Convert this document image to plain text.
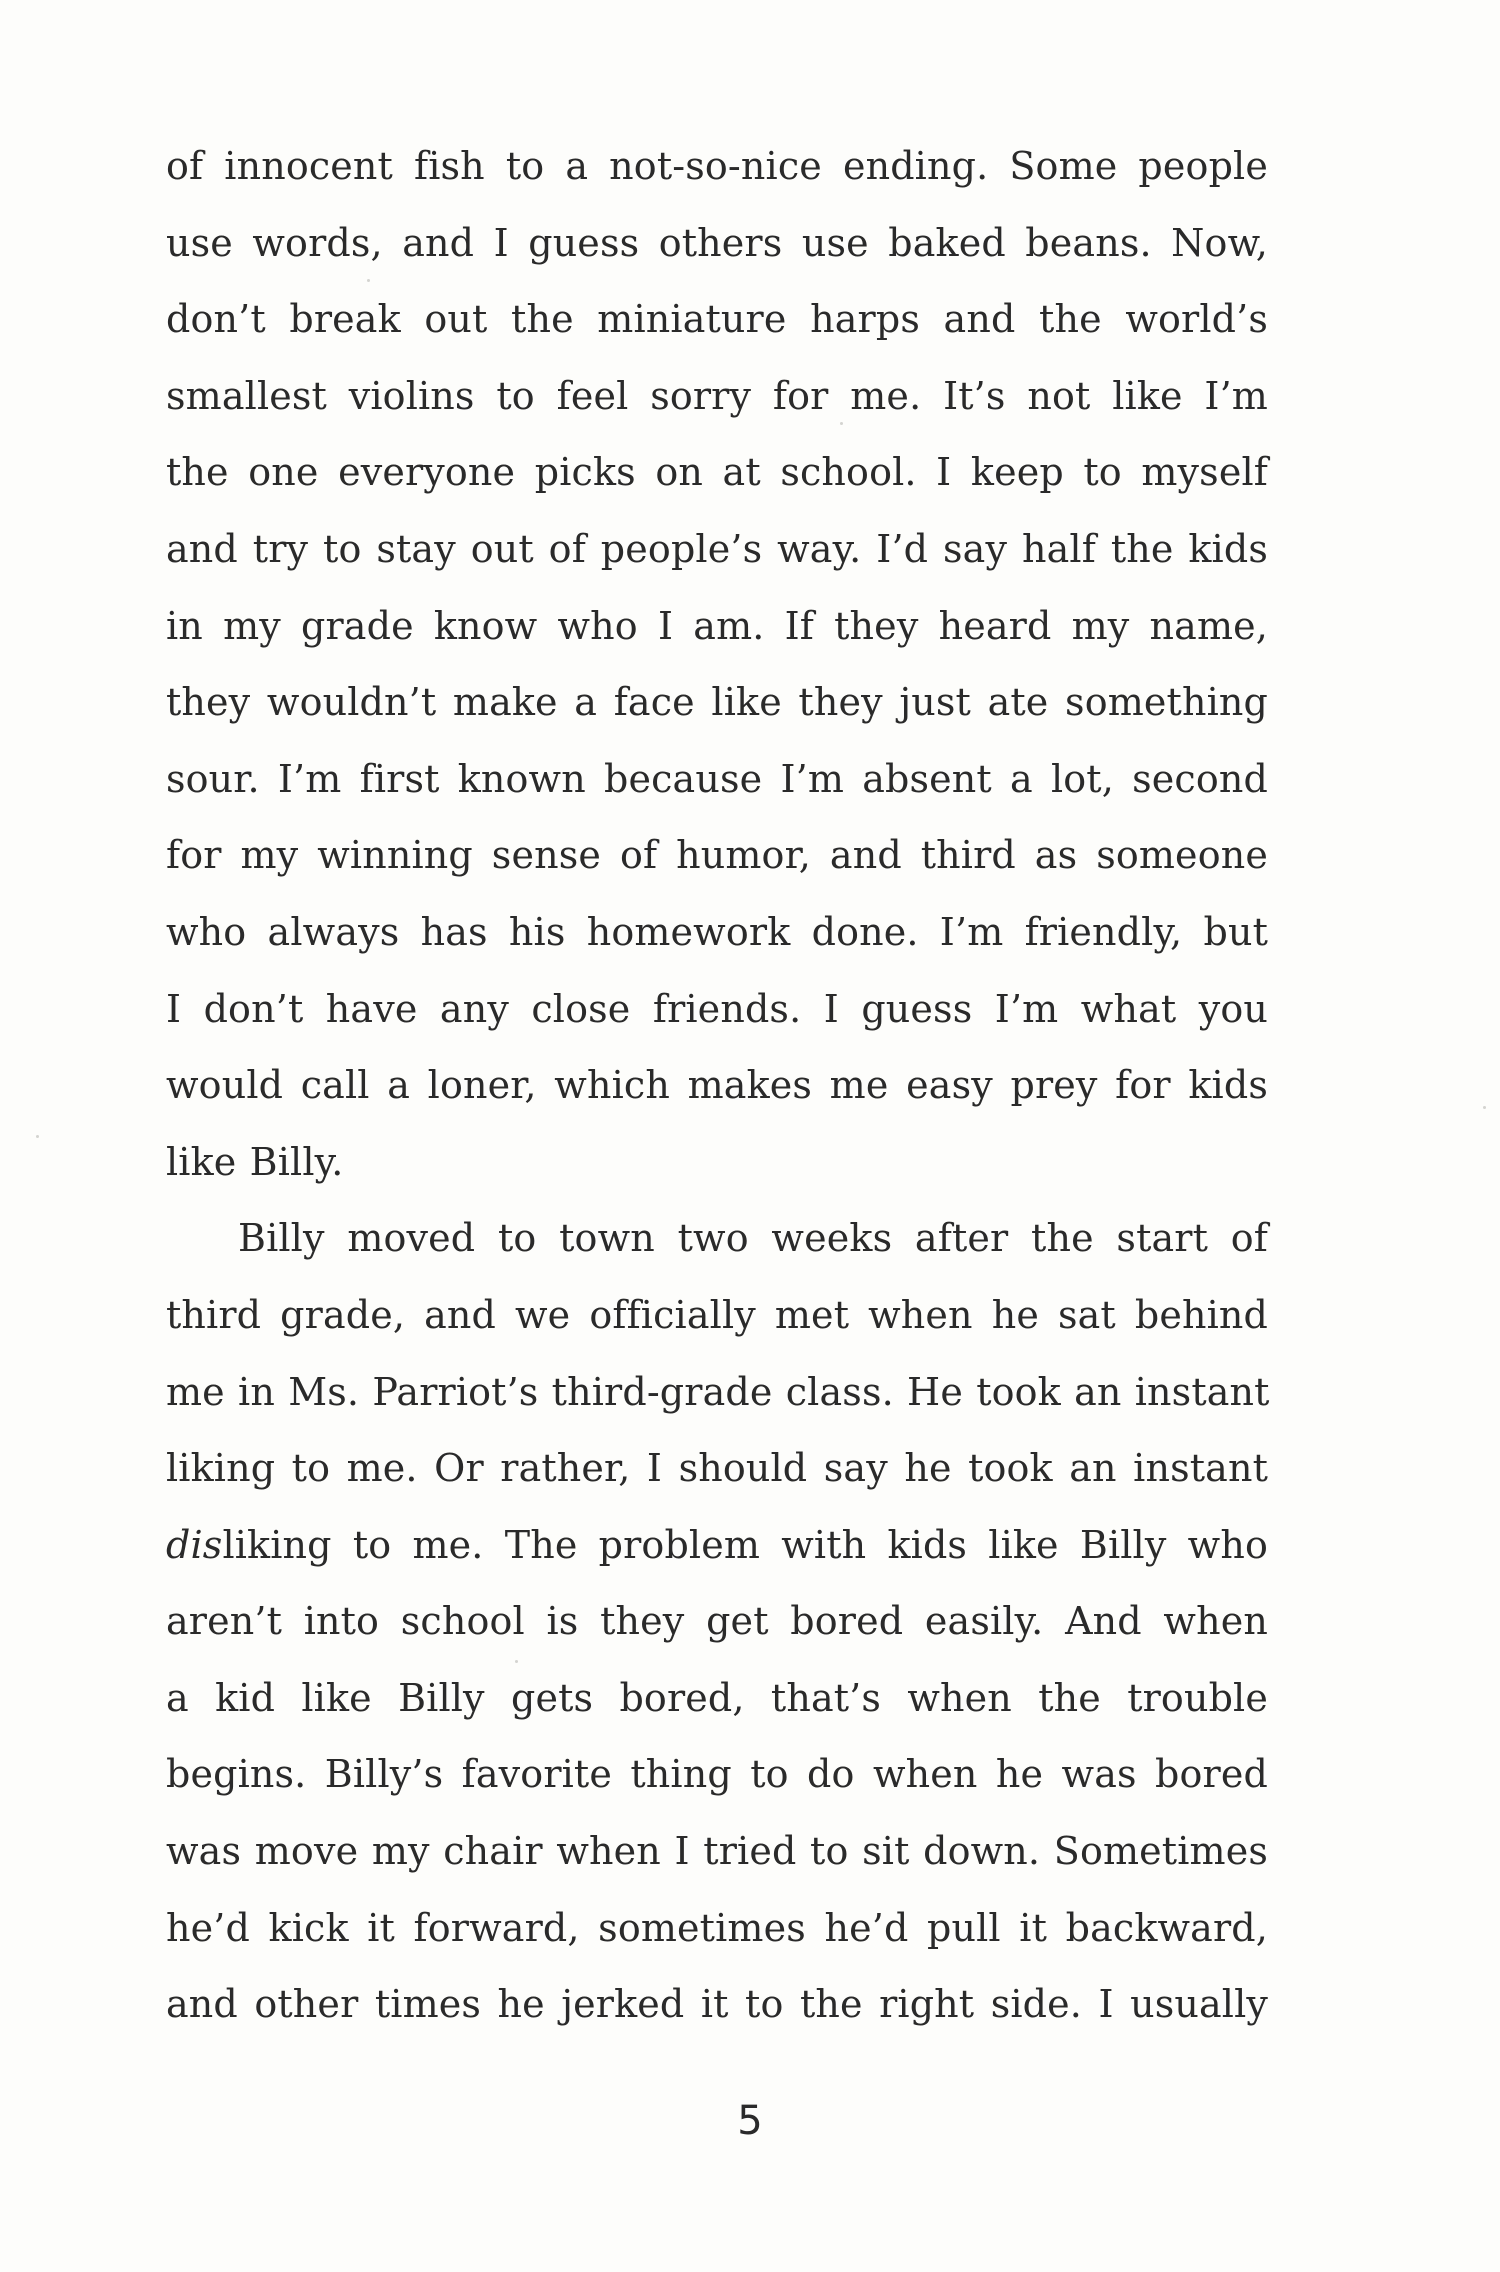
of innocent fish to a not-so-nice ending. Some people
use words, and I guess others use baked beans. Now,
don’t break out the miniature harps and the world’s
smallest violins to feel sorry for me. It’s not like I’m
the one everyone picks on at school. I keep to myself
and try to stay out of people’s way. I’d say half the kids
in my grade know who I am. If they heard my name,
they wouldn’t make a face like they just ate something
sour. I’m first known because I’m absent a lot, second
for my winning sense of humor, and third as someone
who always has his homework done. I’m friendly, but
I don’t have any close friends. I guess I’m what you
would call a loner, which makes me easy prey for kids
like Billy.
Billy moved to town two weeks after the start of
third grade, and we officially met when he sat behind
me in Ms. Parriot’s third-grade class. He took an instant
liking to me. Or rather, I should say he took an instant
disliking to me. The problem with kids like Billy who
aren’t into school is they get bored easily. And when
a kid like Billy gets bored, that’s when the trouble
begins. Billy’s favorite thing to do when he was bored
was move my chair when I tried to sit down. Sometimes
he’d kick it forward, sometimes he’d pull it backward,
and other times he jerked it to the right side. I usually
5
